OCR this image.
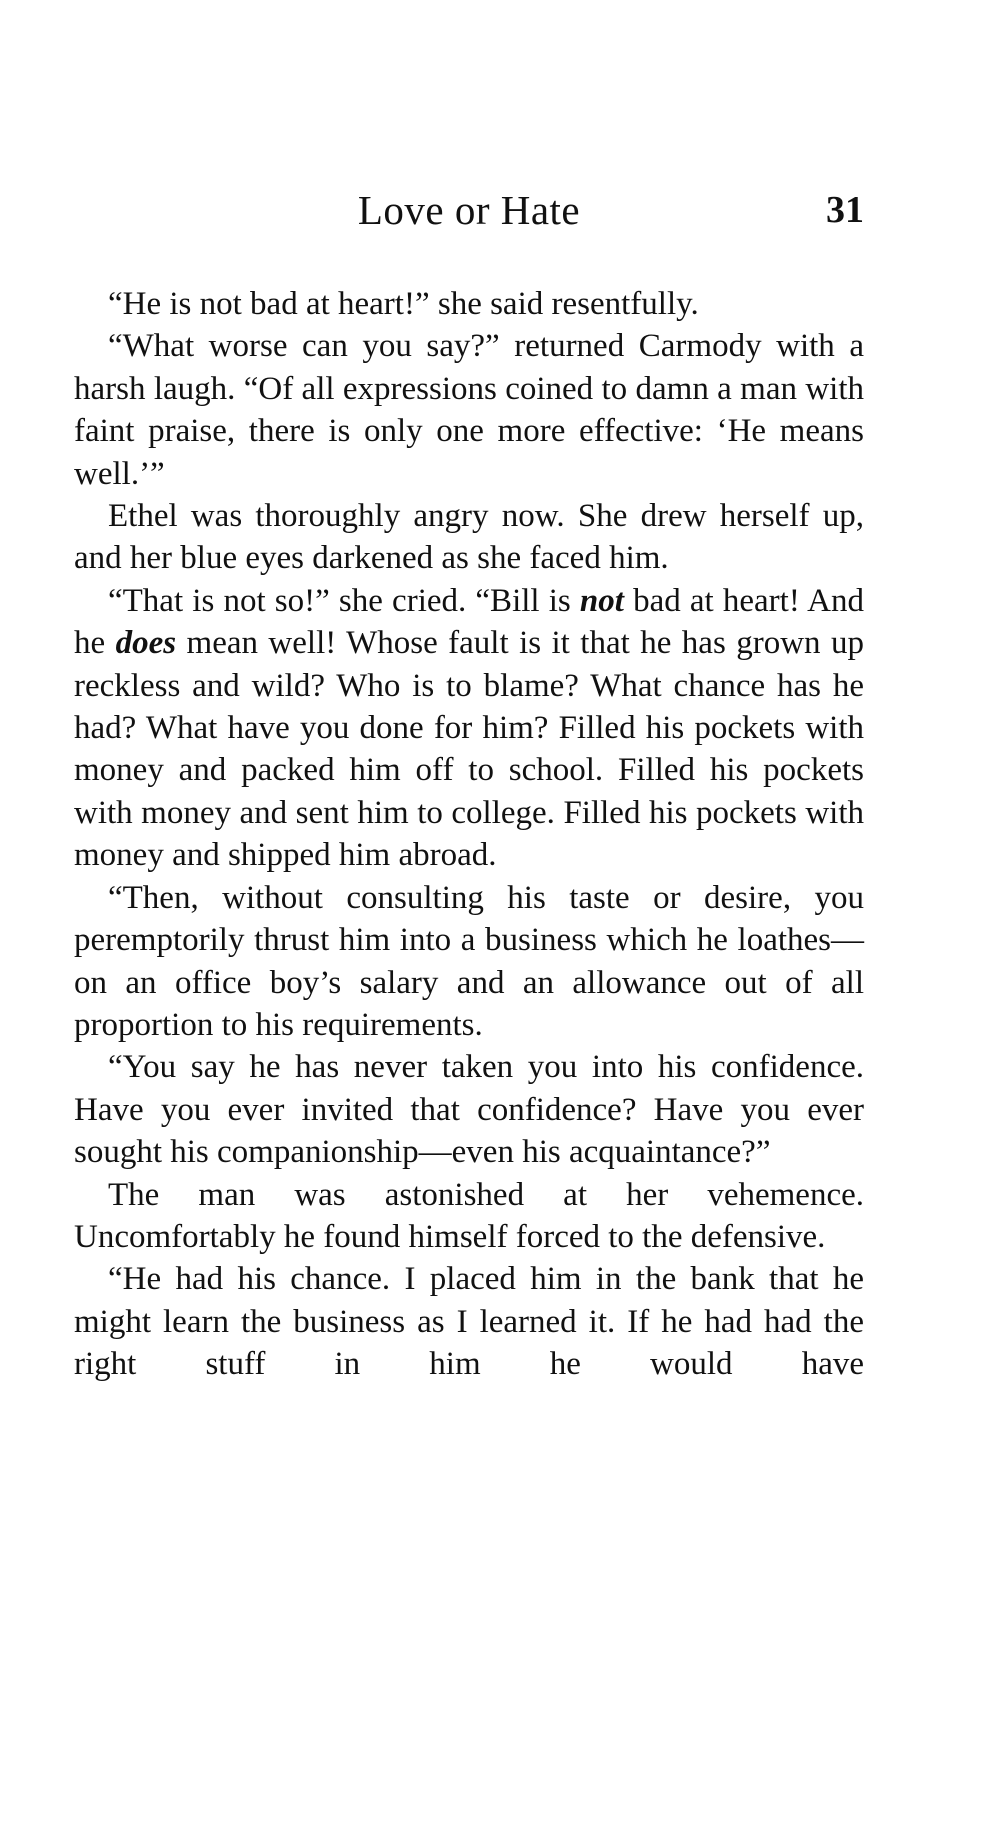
Love or Hate	31

“He is not bad at heart!” she said resentfully.

“What worse can you say?” returned Carmody with a harsh laugh. “Of all expressions coined to damn a man with faint praise, there is only one more effective: ‘He means well.’”

Ethel was thoroughly angry now. She drew herself up, and her blue eyes darkened as she faced him.

“That is not so!” she cried. “Bill is not bad at heart! And he does mean well! Whose fault is it that he has grown up reckless and wild? Who is to blame? What chance has he had? What have you done for him? Filled his pockets with money and packed him off to school. Filled his pockets with money and sent him to college. Filled his pockets with money and shipped him abroad.

“Then, without consulting his taste or desire, you peremptorily thrust him into a business which he loathes—on an office boy’s salary and an allowance out of all proportion to his requirements.

“You say he has never taken you into his confidence. Have you ever invited that confidence? Have you ever sought his companionship—even his acquaintance?”

The man was astonished at her vehemence. Uncomfortably he found himself forced to the defensive.

“He had his chance. I placed him in the bank that he might learn the business as I learned it. If he had had the right stuff in him he would have
